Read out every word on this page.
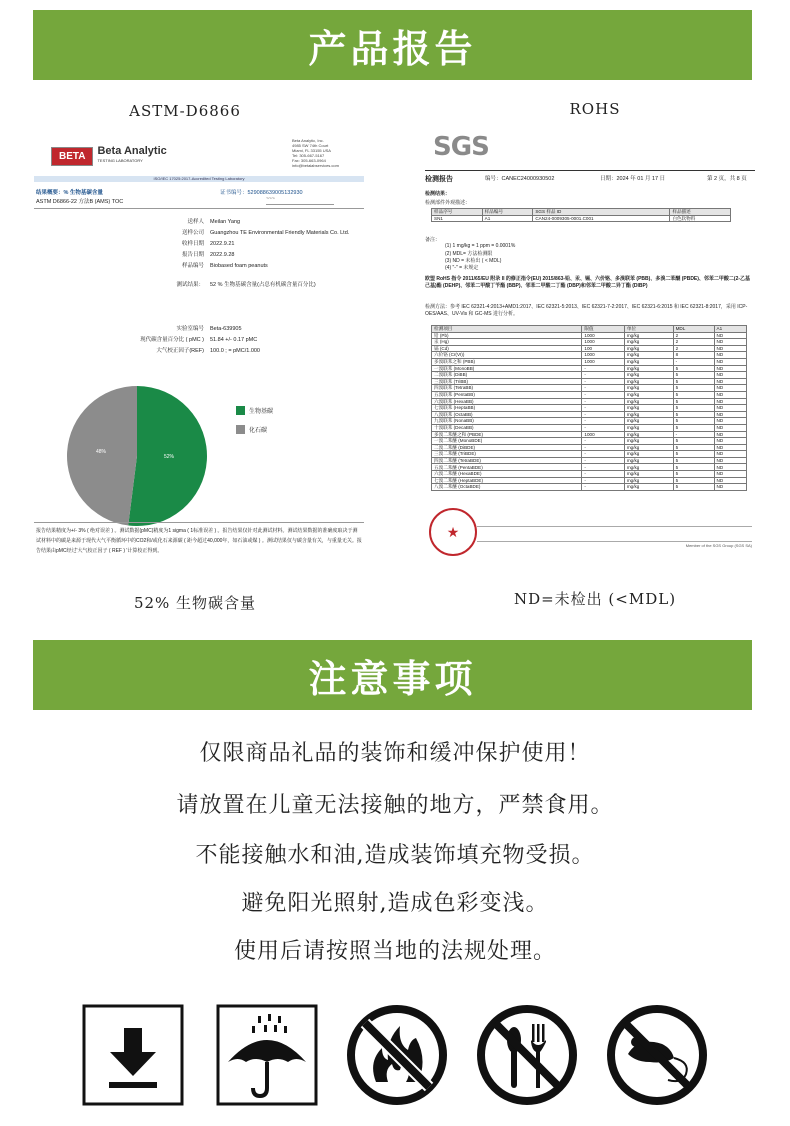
产品报告
ASTM-D6866	ROHS
BETA	Beta Analytic
TESTING LABORATORY
Beta Analytic, Inc.
4985 SW 74th Court
Miami, FL 33155 USA
Tel: 305-667-5167
Fax: 305-663-0964
info@betalabservices.com
ISO/IEC 17025:2017-Accredited Testing Laboratory
结果概要：% 生物基碳含量
ASTM D6866-22 方法B (AMS) TOC
证书编号：52908863900513​2930
~~~
送样人 Meilan Yang
送样公司 Guangzhou TE Environmental Friendly Materials Co. Ltd.
收样日期 2022.9.21
报告日期 2022.9.28
样品编号 Biobased foam peanuts
测试结果： 52 % 生物基碳含量(占总有机碳含量百分比)
实验室编号 Beta-639905
现代碳含量百分比 ( pMC ) 51.84 +/- 0.17 pMC
大气校正因子(REF) 100.0 ; = pMC/1.000
52%
48%
生物基碳
化石碳
报告结果精度为+/- 3% ( 绝对误差 ) 。测试数据(pMC)精度为1 sigma ( 1标准误差 ) 。报告结果仅针对此测试材料。测试结果数据的准确度取决于测试材料中的碳是来源于现代大气平衡循环中的CO2和/或化石来源碳 ( 距今超过40,000年，如石油或煤 ) 。测试结果仅与碳含量有关，与重量无关。报告结果由pMC经过'大气校正因子 ( REF ) '计算校正得到。
SGS
检测报告	编号：CANEC24000930502	日期：2024 年 01 月 17 日	第 2 页，共 8 页
检测结果：
检测部件外观描述：
样品序号	样品编号	SGS 样品 ID	样品描述
SN1	A1	CAN24-0009305-0001.C001	白色软物料
备注：
(1) 1 mg/kg = 1 ppm = 0.0001%
(2) MDL= 方法检测限
(3) ND = 未检出 ( < MDL)
(4) "-" = 未规定
欧盟 RoHS 指令 2011/65/EU 附录 II 的修正指令(EU) 2015/863-铅、汞、镉、六价铬、多溴联苯 (PBB)、多溴二苯醚 (PBDE)、邻苯二甲酸二(2-乙基己基)酯 (DEHP)、邻苯二甲酸丁苄酯 (BBP)、邻苯二甲酸二丁酯 (DBP)和邻苯二甲酸二异丁酯 (DIBP)
检测方法：参考 IEC 62321-4:2013+AMD1:2017、IEC 62321-5:2013、IEC 62321-7-2:2017、IEC 62321-6:2015 和 IEC 62321-8:2017，采用 ICP-OES/AAS、UV-Vis 和 GC-MS 进行分析。
检测项目	限值	单位	MDL	A1
铅 (Pb)	1000	mg/kg	2	ND
汞 (Hg)	1000	mg/kg	2	ND
镉 (Cd)	100	mg/kg	2	ND
六价铬 (Cr(VI))	1000	mg/kg	8	ND
多溴联苯之和 (PBB)	1000	mg/kg	-	ND
一溴联苯 (MonoBB)	-	mg/kg	5	ND
二溴联苯 (DiBB)	-	mg/kg	5	ND
三溴联苯 (TriBB)	-	mg/kg	5	ND
四溴联苯 (TetraBB)	-	mg/kg	5	ND
五溴联苯 (PentaBB)	-	mg/kg	5	ND
六溴联苯 (HexaBB)	-	mg/kg	5	ND
七溴联苯 (HeptaBB)	-	mg/kg	5	ND
八溴联苯 (OctaBB)	-	mg/kg	5	ND
九溴联苯 (NonaBB)	-	mg/kg	5	ND
十溴联苯 (DecaBB)	-	mg/kg	5	ND
多溴二苯醚之和 (PBDE)	1000	mg/kg	-	ND
一溴二苯醚 (MonoBDE)	-	mg/kg	5	ND
二溴二苯醚 (DiBDE)	-	mg/kg	5	ND
三溴二苯醚 (TriBDE)	-	mg/kg	5	ND
四溴二苯醚 (TetraBDE)	-	mg/kg	5	ND
五溴二苯醚 (PentaBDE)	-	mg/kg	5	ND
六溴二苯醚 (HexaBDE)	-	mg/kg	5	ND
七溴二苯醚 (HeptaBDE)	-	mg/kg	5	ND
八溴二苯醚 (OctaBDE)	-	mg/kg	5	ND
★
Member of the SGS Group (SGS SA)
52% 生物碳含量	ND=未检出 (<MDL)
注意事项
仅限商品礼品的装饰和缓冲保护使用！
请放置在儿童无法接触的地方，严禁食用。
不能接触水和油,造成装饰填充物受损。
避免阳光照射,造成色彩变浅。
使用后请按照当地的法规处理。
